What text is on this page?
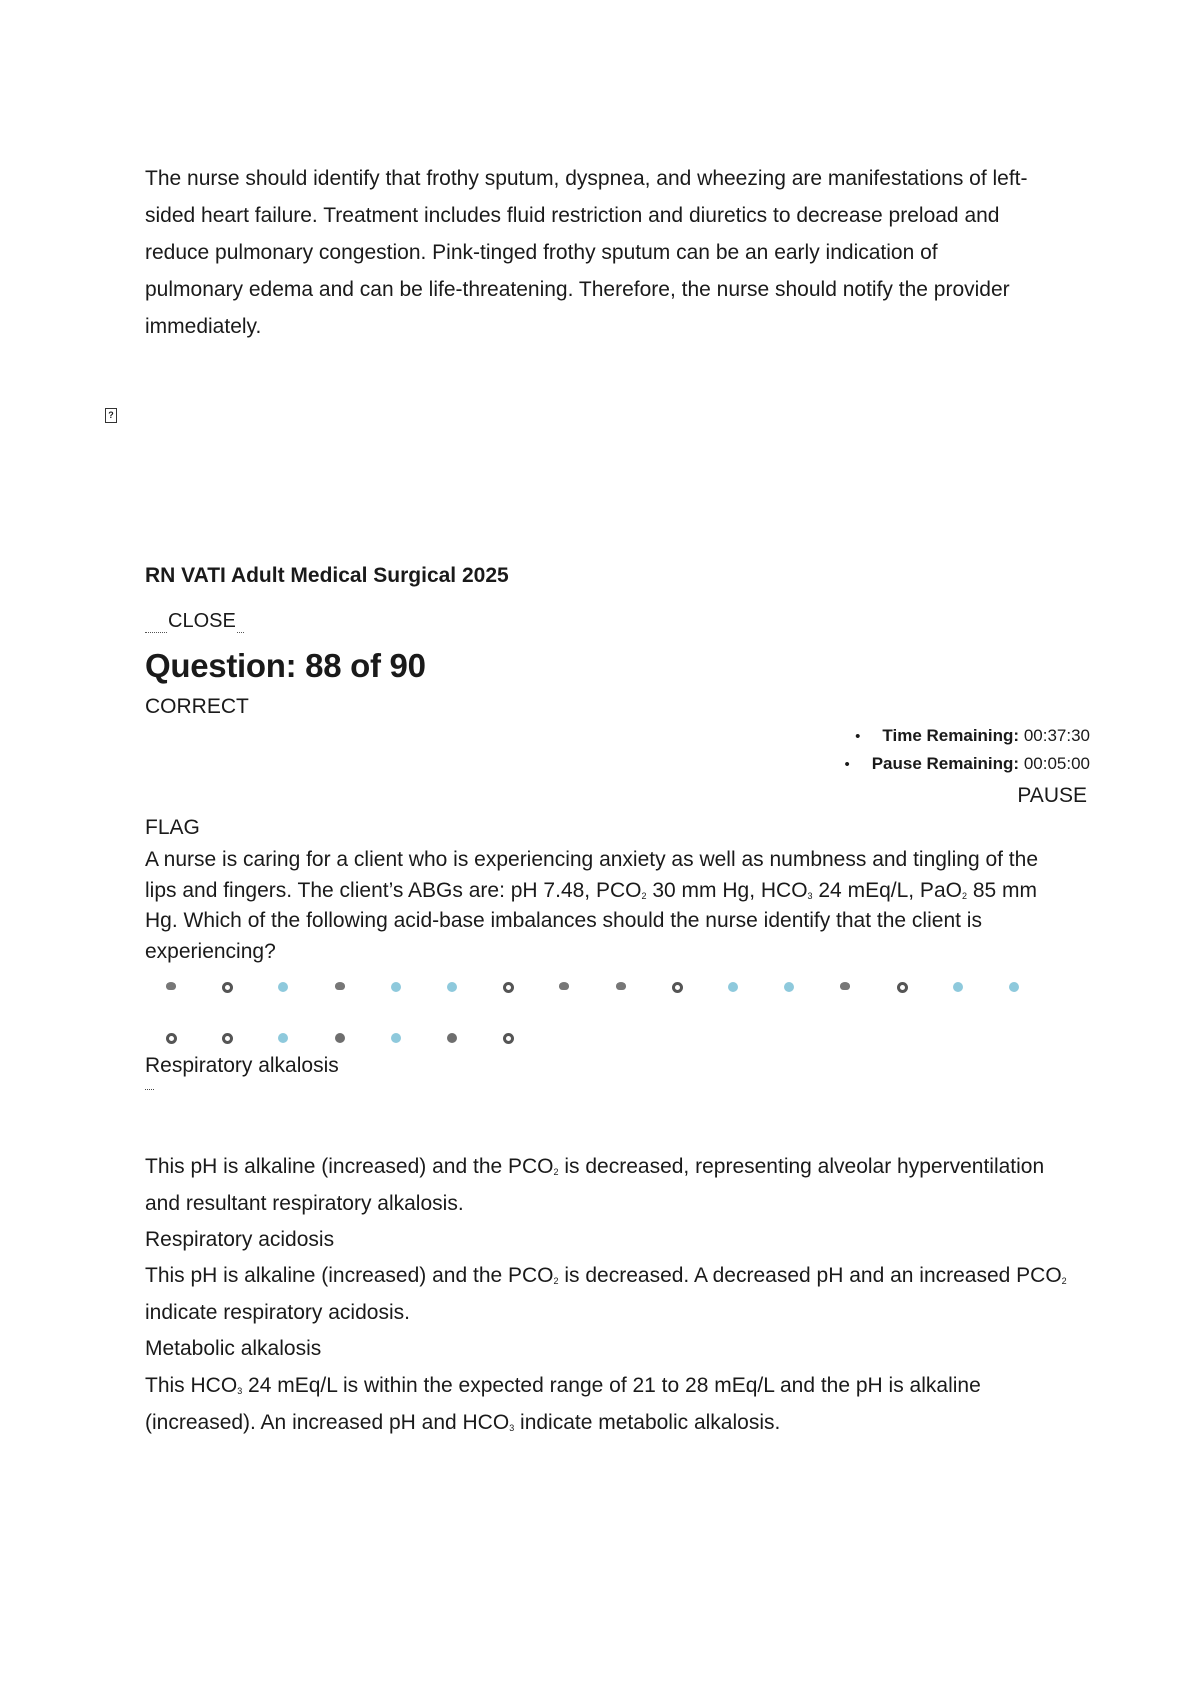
The nurse should identify that frothy sputum, dyspnea, and wheezing are manifestations of left-
sided heart failure. Treatment includes fluid restriction and diuretics to decrease preload and
reduce pulmonary congestion. Pink-tinged frothy sputum can be an early indication of
pulmonary edema and can be life-threatening. Therefore, the nurse should notify the provider
immediately.
?
RN VATI Adult Medical Surgical 2025
CLOSE
Question: 88 of 90
CORRECT
• Time Remaining: 00:37:30
• Pause Remaining: 00:05:00
PAUSE
FLAG
A nurse is caring for a client who is experiencing anxiety as well as numbness and tingling of the
lips and fingers. The client’s ABGs are: pH 7.48, $PCO_2$ 30 mm Hg, $HCO_3$ 24 mEq/L, PaO$_2$ 85 mm
Hg. Which of the following acid-base imbalances should the nurse identify that the client is
experiencing?
Respiratory alkalosis
This pH is alkaline (increased) and the $PCO_2$ is decreased, representing alveolar hyperventilation
and resultant respiratory alkalosis.
Respiratory acidosis
This pH is alkaline (increased) and the $PCO_2$ is decreased. A decreased pH and an increased $PCO_2$
indicate respiratory acidosis.
Metabolic alkalosis
This $HCO_3$ 24 mEq/L is within the expected range of 21 to 28 mEq/L and the pH is alkaline
(increased). An increased pH and $HCO_3$ indicate metabolic alkalosis.
